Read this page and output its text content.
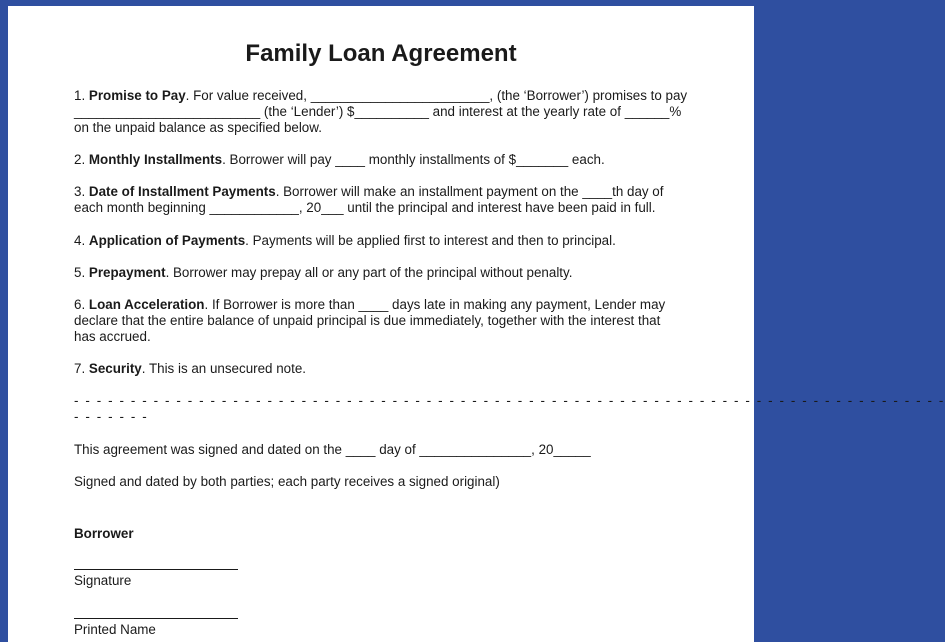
Family Loan Agreement
1. Promise to Pay. For value received, ________________________, (the ‘Borrower’) promises to pay
_________________________ (the ‘Lender’) $__________ and interest at the yearly rate of ______%
on the unpaid balance as specified below.
2. Monthly Installments. Borrower will pay ____ monthly installments of $_______ each.
3. Date of Installment Payments. Borrower will make an installment payment on the ____th day of
each month beginning ____________, 20___ until the principal and interest have been paid in full.
4. Application of Payments. Payments will be applied first to interest and then to principal.
5. Prepayment. Borrower may prepay all or any part of the principal without penalty.
6. Loan Acceleration. If Borrower is more than ____ days late in making any payment, Lender may
declare that the entire balance of unpaid principal is due immediately, together with the interest that
has accrued.
7. Security. This is an unsecured note.
- - - - - - - - - - - - - - - - - - - - - - - - - - - - - - - - - - - - - - - - - - - - - - - - - - - - - - - - - - - - - - - - - - - - - - - - - - - - -
- - - - - - -
This agreement was signed and dated on the ____ day of _______________, 20_____
Signed and dated by both parties; each party receives a signed original)
Borrower
Signature
Printed Name
